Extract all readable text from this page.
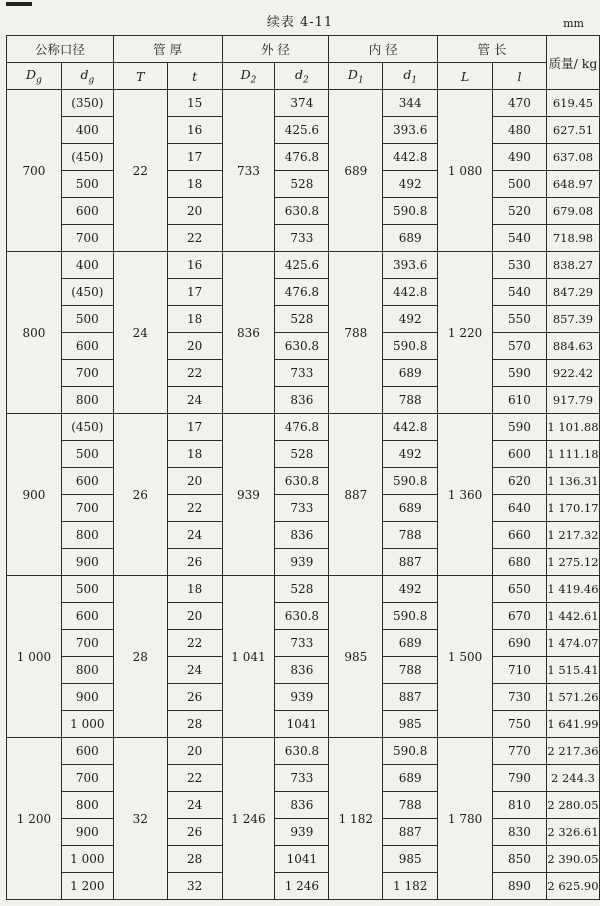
续表 4-11	mm
公称口径		管 厚		外 径		内 径		管 长		质量/ kg
$D_g$	$d_g$	T	t	$D_2$	$d_2$	$D_1$	$d_1$	L	l	
700	(350)	22	15	733	374	689	344	1 080	470	619.45
	400		16		425.6		393.6		480	627.51
	(450)		17		476.8		442.8		490	637.08
	500		18		528		492		500	648.97
	600		20		630.8		590.8		520	679.08
	700		22		733		689		540	718.98
800	400	24	16	836	425.6	788	393.6	1 220	530	838.27
	(450)		17		476.8		442.8		540	847.29
	500		18		528		492		550	857.39
	600		20		630.8		590.8		570	884.63
	700		22		733		689		590	922.42
	800		24		836		788		610	917.79
900	(450)	26	17	939	476.8	887	442.8	1 360	590	1 101.88
	500		18		528		492		600	1 111.18
	600		20		630.8		590.8		620	1 136.31
	700		22		733		689		640	1 170.17
	800		24		836		788		660	1 217.32
	900		26		939		887		680	1 275.12
1 000	500	28	18	1 041	528	985	492	1 500	650	1 419.46
	600		20		630.8		590.8		670	1 442.61
	700		22		733		689		690	1 474.07
	800		24		836		788		710	1 515.41
	900		26		939		887		730	1 571.26
	1 000		28		1041		985		750	1 641.99
1 200	600	32	20	1 246	630.8	1 182	590.8	1 780	770	2 217.36
	700		22		733		689		790	2 244.3
	800		24		836		788		810	2 280.05
	900		26		939		887		830	2 326.61
	1 000		28		1041		985		850	2 390.05
	1 200		32		1 246		1 182		890	2 625.90
